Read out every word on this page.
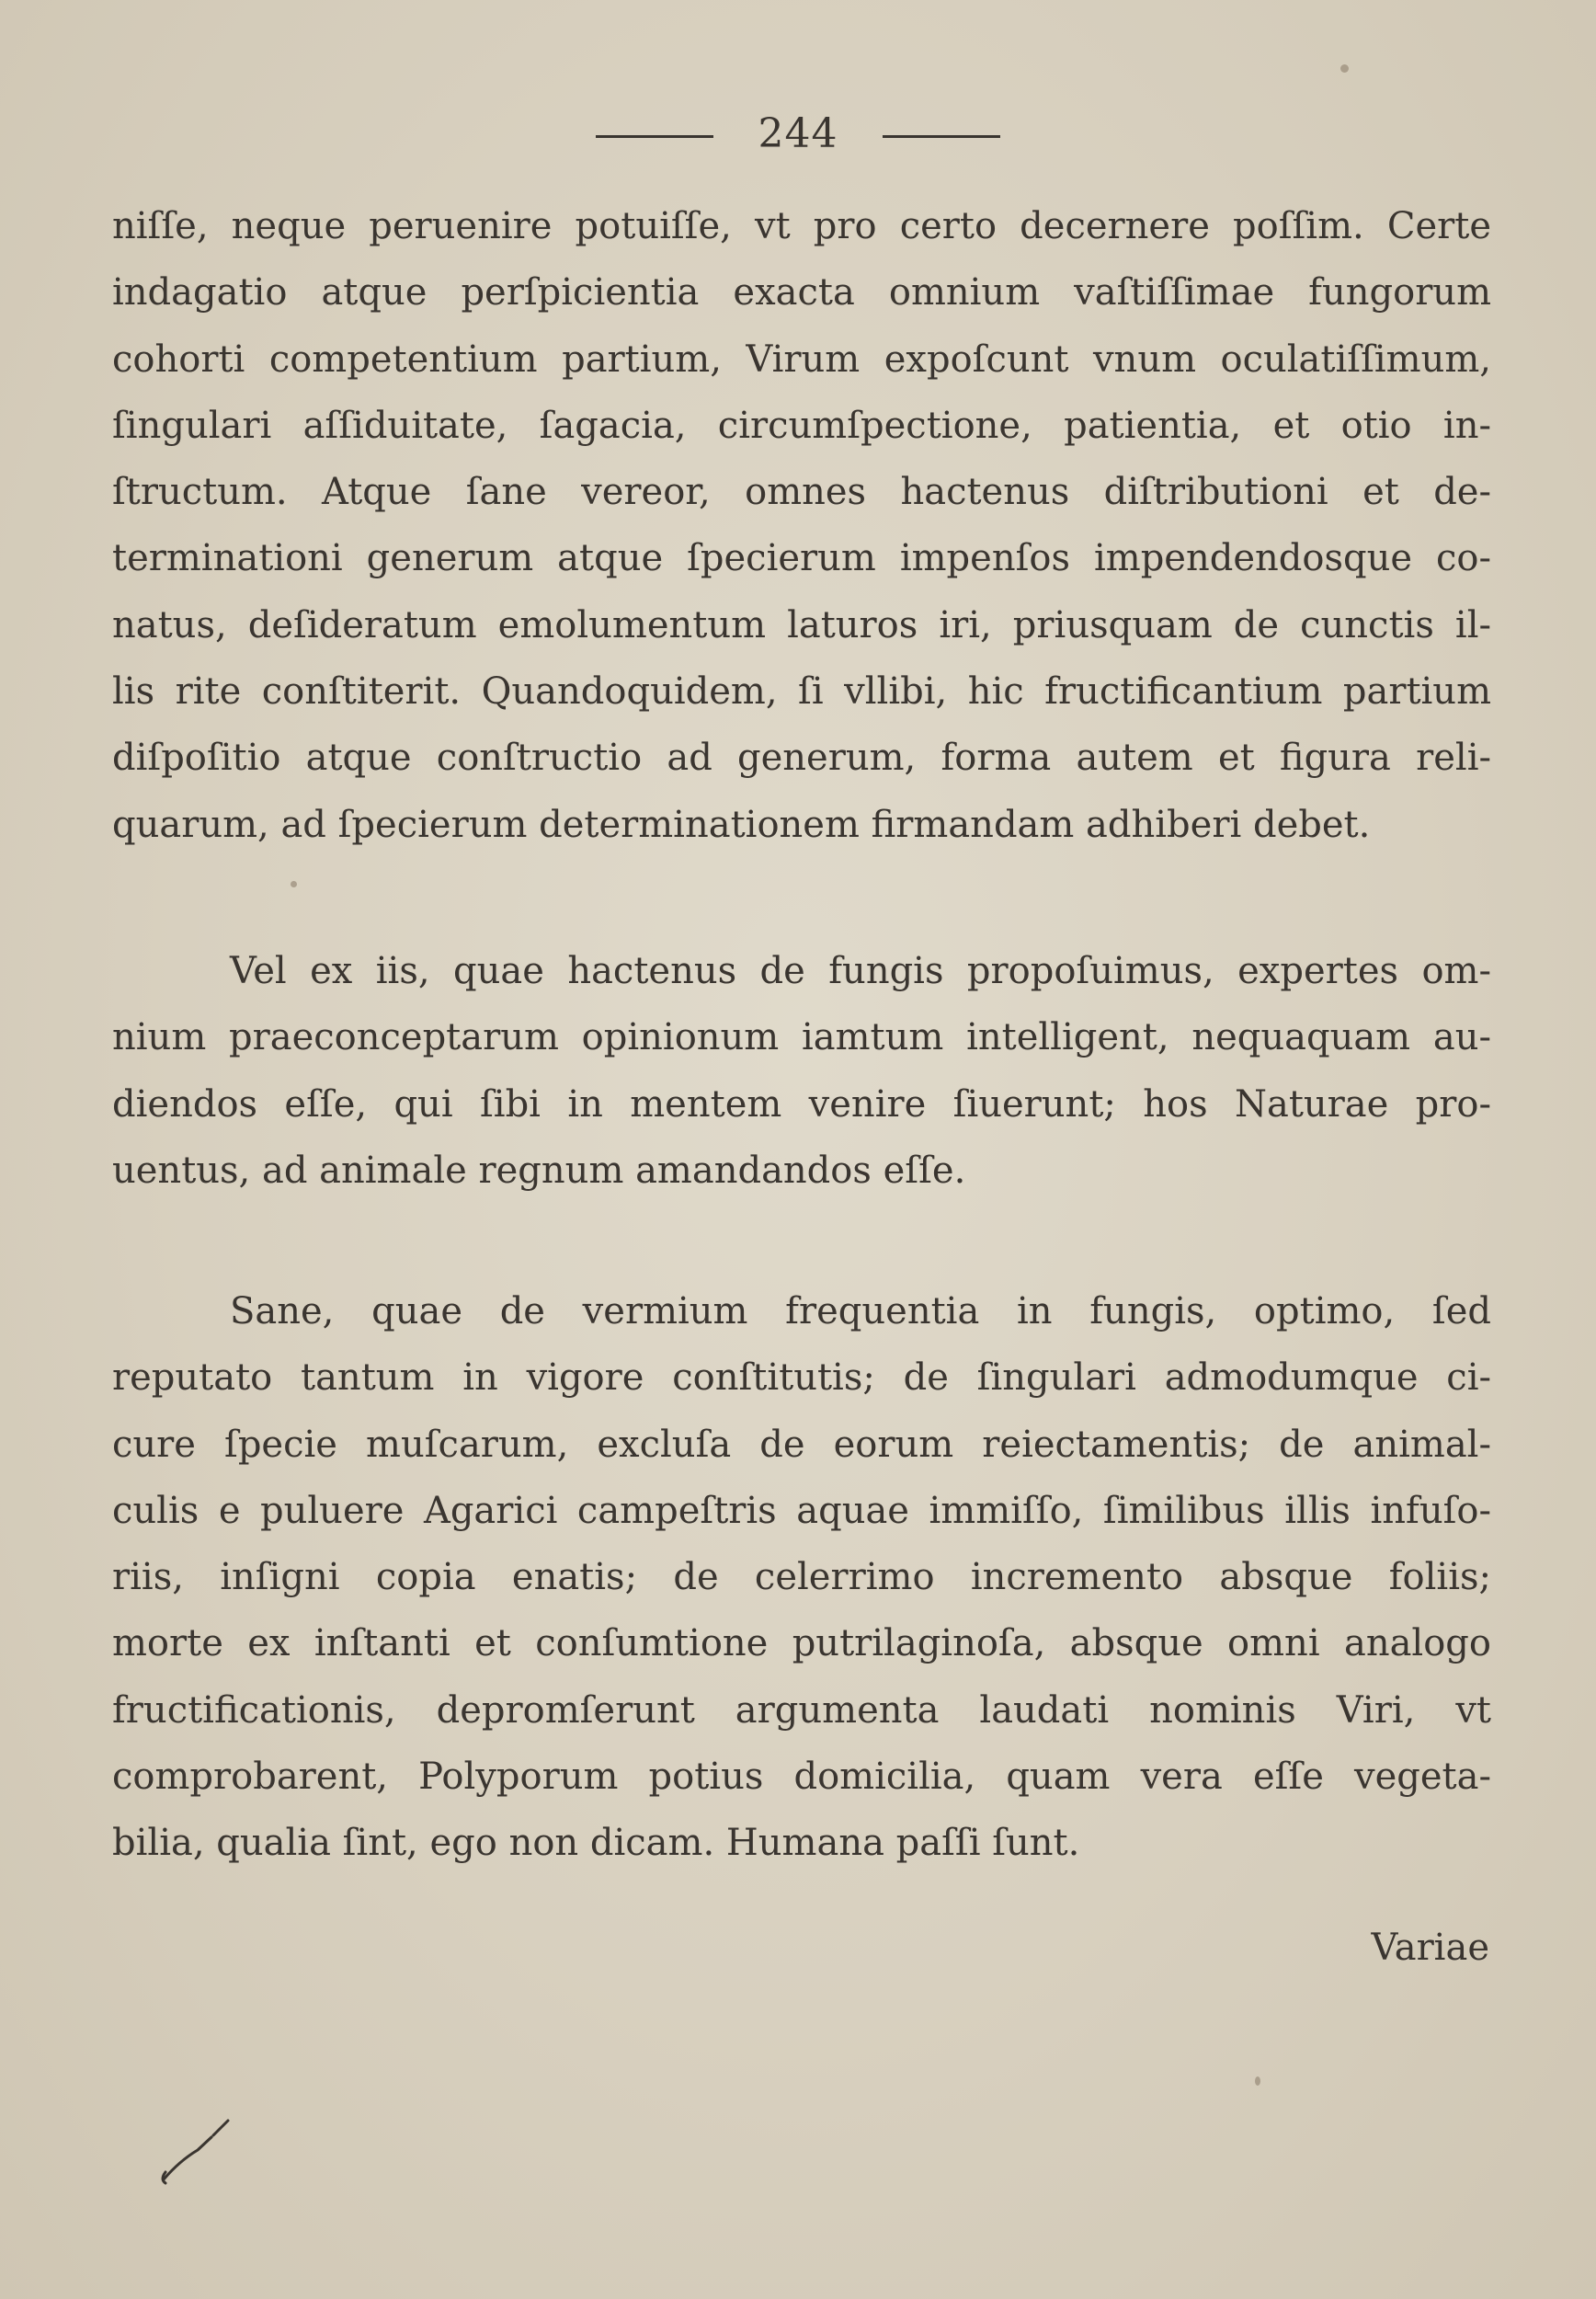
244
niſſe, neque peruenire potuiſſe, vt pro certo decernere poſſim. Certe
indagatio atque perſpicientia exacta omnium vaſtiſſimae fungorum
cohorti competentium partium, Virum expoſcunt vnum oculatiſſimum,
ſingulari aſſiduitate, ſagacia, circumſpectione, patientia, et otio in-
ſtructum. Atque ſane vereor, omnes hactenus diſtributioni et de-
terminationi generum atque ſpecierum impenſos impendendosque co-
natus, deſideratum emolumentum laturos iri, priusquam de cunctis il-
lis rite conſtiterit. Quandoquidem, ſi vllibi, hic fructificantium partium
diſpoſitio atque conſtructio ad generum, forma autem et figura reli-
quarum, ad ſpecierum determinationem firmandam adhiberi debet.
Vel ex iis, quae hactenus de fungis propoſuimus, expertes om-
nium praeconceptarum opinionum iamtum intelligent, nequaquam au-
diendos eſſe, qui ſibi in mentem venire ſiuerunt; hos Naturae pro-
uentus, ad animale regnum amandandos eſſe.
Sane, quae de vermium frequentia in fungis, optimo, ſed
reputato tantum in vigore conſtitutis; de ſingulari admodumque ci-
cure ſpecie muſcarum, excluſa de eorum reiectamentis; de animal-
culis e puluere Agarici campeſtris aquae immiſſo, ſimilibus illis infuſo-
riis, inſigni copia enatis; de celerrimo incremento absque foliis;
morte ex inſtanti et conſumtione putrilaginoſa, absque omni analogo
fructificationis, depromſerunt argumenta laudati nominis Viri, vt
comprobarent, Polyporum potius domicilia, quam vera eſſe vegeta-
bilia, qualia ſint, ego non dicam. Humana paſſi ſunt.
Variae
